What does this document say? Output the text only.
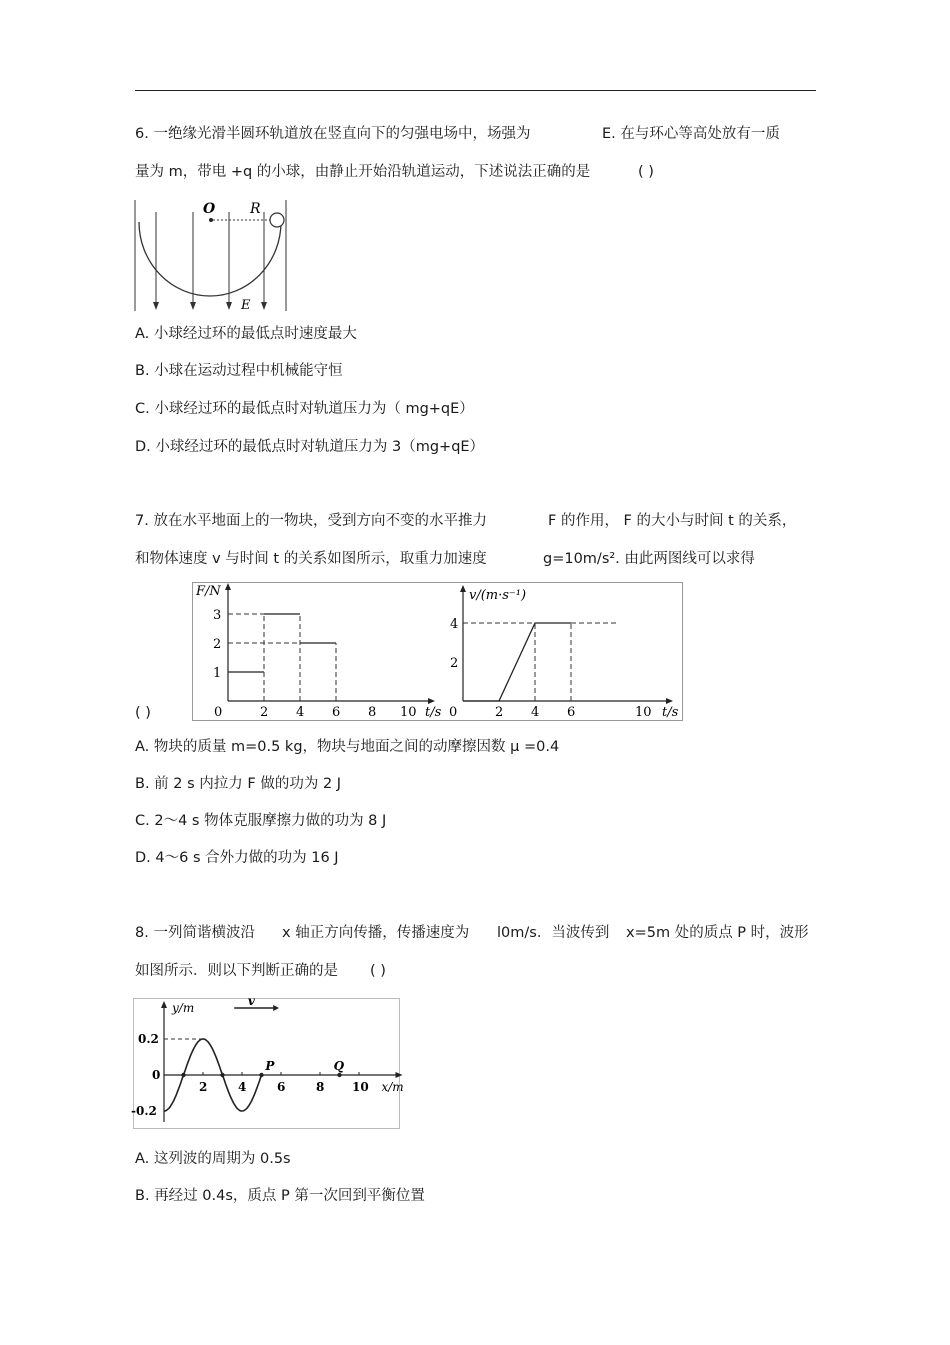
6. 一绝缘光滑半圆环轨道放在竖直向下的匀强电场中，场强为	E. 在与环心等高处放有一质
量为 m，带电 +q 的小球，由静止开始沿轨道运动，下述说法正确的是	( )
O R
E
A. 小球经过环的最低点时速度最大
B. 小球在运动过程中机械能守恒
C. 小球经过环的最低点时对轨道压力为（ mg+qE）
D. 小球经过环的最低点时对轨道压力为 3（mg+qE）
7. 放在水平地面上的一物块，受到方向不变的水平推力	F 的作用， F 的大小与时间 t 的关系，
和物体速度 v 与时间 t 的关系如图所示，取重力加速度	g=10m/s². 由此两图线可以求得
( )
F/N
t/s
0	2 4 6 8 10
1
2
3
v/(m·s⁻¹)
t/s
0	2 4 6	10
2
4
A. 物块的质量 m=0.5 kg，物块与地面之间的动摩擦因数 μ =0.4
B. 前 2 s 内拉力 F 做的功为 2 J
C. 2～4 s 物体克服摩擦力做的功为 8 J
D. 4～6 s 合外力做的功为 16 J
8. 一列简谐横波沿 x 轴正方向传播，传播速度为 l0m/s．当波传到 x=5m 处的质点 P 时，波形
如图所示．则以下判断正确的是 ( )
y/m
x/m
2	4	6	8 10
0.2
0
-0.2
v
P	Q
A. 这列波的周期为 0.5s
B. 再经过 0.4s，质点 P 第一次回到平衡位置
